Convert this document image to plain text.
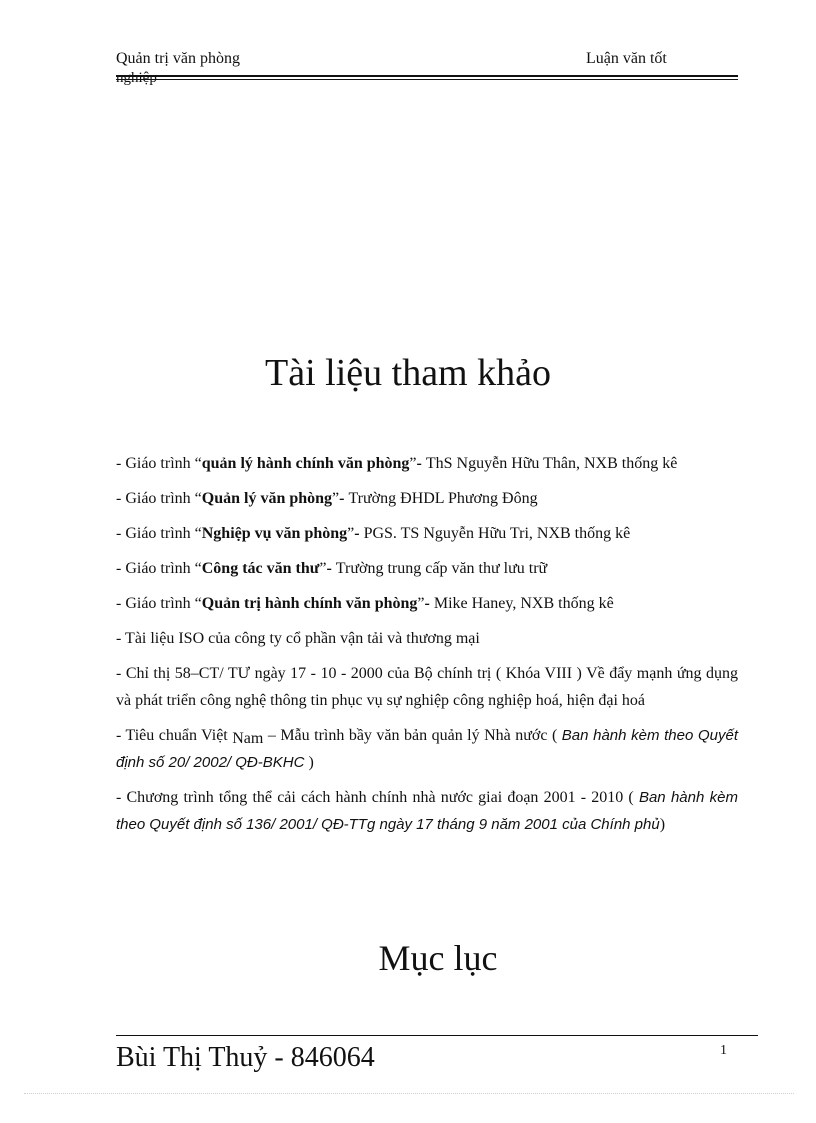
Quản trị văn phòng
nghiệp
Luận văn tốt
Tài liệu tham khảo
- Giáo trình “quản lý hành chính văn phòng”- ThS Nguyễn Hữu Thân, NXB thống kê
- Giáo trình “Quản lý văn phòng”- Trường ĐHDL Phương Đông
- Giáo trình “Nghiệp vụ văn phòng”- PGS. TS Nguyễn Hữu Tri, NXB thống kê
- Giáo trình “Công tác văn thư”- Trường trung cấp văn thư lưu trữ
- Giáo trình “Quản trị hành chính văn phòng”- Mike Haney, NXB thống kê
- Tài liệu ISO của công ty cổ phần vận tải và thương mại
- Chỉ thị 58–CT/ TƯ ngày 17 - 10 - 2000 của Bộ chính trị ( Khóa VIII ) Về đẩy mạnh ứng dụng và phát triển công nghệ thông tin phục vụ sự nghiệp công nghiệp hoá, hiện đại hoá
- Tiêu chuẩn Việt Nam – Mẫu trình bầy văn bản quản lý Nhà nước ( Ban hành kèm theo Quyết định số 20/ 2002/ QĐ-BKHC )
- Chương trình tổng thể cải cách hành chính nhà nước giai đoạn 2001 - 2010 ( Ban hành kèm theo Quyết định số 136/ 2001/ QĐ-TTg ngày 17 tháng 9 năm 2001 của Chính phủ)
Mục lục
Bùi Thị Thuỷ - 846064	1
